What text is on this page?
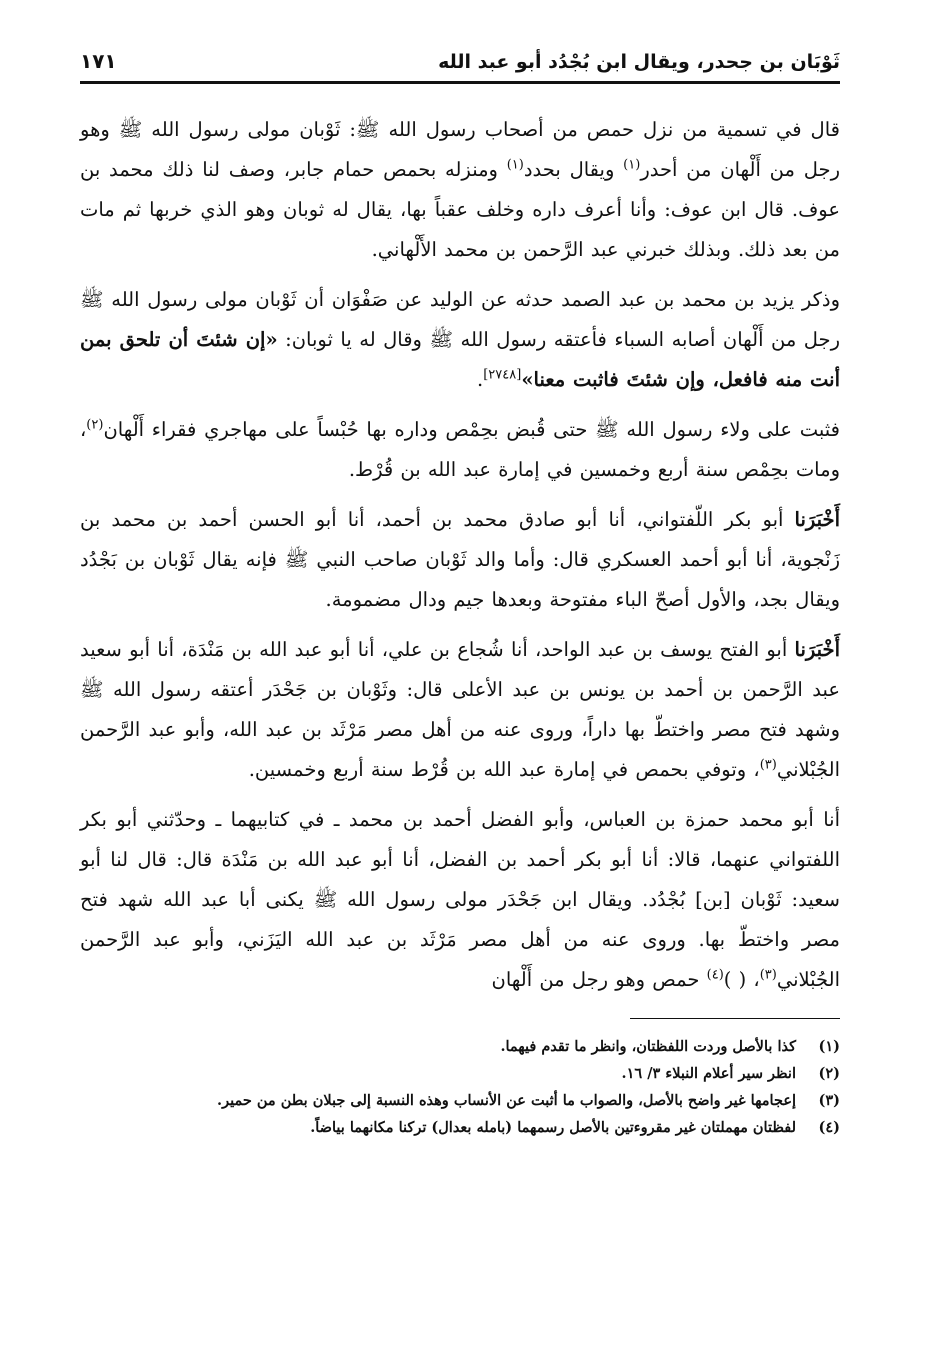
ثَوْبَان بن جحدر، ويقال ابن بُجْدُد أبو عبد الله
١٧١

قال في تسمية من نزل حمص من أصحاب رسول الله ﷺ: ثَوْبان مولى رسول الله ﷺ وهو رجل من أَلْهان من أحدر$^{(١)}$ ويقال بحدد$^{(١)}$ ومنزله بحمص حمام جابر، وصف لنا ذلك محمد بن عوف. قال ابن عوف: وأنا أعرف داره وخلف عقباً بها، يقال له ثوبان وهو الذي خربها ثم مات من بعد ذلك. وبذلك خبرني عبد الرَّحمن بن محمد الأَلْهاني.

وذكر يزيد بن محمد بن عبد الصمد حدثه عن الوليد عن صَفْوَان أن ثَوْبان مولى رسول الله ﷺ رجل من أَلْهان أصابه السباء فأعتقه رسول الله ﷺ وقال له يا ثوبان: «إن شئتَ أن تلحق بمن أنت منه فافعل، وإن شئتَ فاثبت معنا»[٢٧٤٨].

فثبت على ولاء رسول الله ﷺ حتى قُبض بحِمْص وداره بها حُبْساً على مهاجري فقراء أَلْهان$^{(٢)}$، ومات بحِمْص سنة أربع وخمسين في إمارة عبد الله بن قُرْط.

أَخْبَرَنا أبو بكر اللّفتواني، أنا أبو صادق محمد بن أحمد، أنا أبو الحسن أحمد بن محمد بن زَنْجوية، أنا أبو أحمد العسكري قال: وأما والد ثَوْبان صاحب النبي ﷺ فإنه يقال ثَوْبان بن بَجْدُد ويقال بجد، والأول أصحّ الباء مفتوحة وبعدها جيم ودال مضمومة.

أَخْبَرَنا أبو الفتح يوسف بن عبد الواحد، أنا شُجاع بن علي، أنا أبو عبد الله بن مَنْدَة، أنا أبو سعيد عبد الرَّحمن بن أحمد بن يونس بن عبد الأعلى قال: وثَوْبان بن جَحْدَر أعتقه رسول الله ﷺ وشهد فتح مصر واختطّ بها داراً، وروى عنه من أهل مصر مَرْثَد بن عبد الله، وأبو عبد الرَّحمن الجُبْلاني$^{(٣)}$، وتوفي بحمص في إمارة عبد الله بن قُرْط سنة أربع وخمسين.

أنا أبو محمد حمزة بن العباس، وأبو الفضل أحمد بن محمد ـ في كتابيهما ـ وحدّثني أبو بكر اللفتواني عنهما، قالا: أنا أبو بكر أحمد بن الفضل، أنا أبو عبد الله بن مَنْدَة قال: قال لنا أبو سعيد: ثَوْبان [بن] بُجْدُد. ويقال ابن جَحْدَر مولى رسول الله ﷺ يكنى أبا عبد الله شهد فتح مصر واختطّ بها. وروى عنه من أهل مصر مَرْثَد بن عبد الله اليَزَني، وأبو عبد الرَّحمن الجُبْلاني$^{(٣)}$، ( )$^{(٤)}$ حمص وهو رجل من أَلْهان

(١)
كذا بالأصل وردت اللفظتان، وانظر ما تقدم فيهما.
(٢)
انظر سير أعلام النبلاء ٣/ ١٦.
(٣)
إعجامها غير واضح بالأصل، والصواب ما أثبت عن الأنساب وهذه النسبة إلى جبلان بطن من حمير.
(٤)
لفظتان مهملتان غير مقروءتين بالأصل رسمهما (بامله بعدال) تركنا مكانهما بياضاً.
